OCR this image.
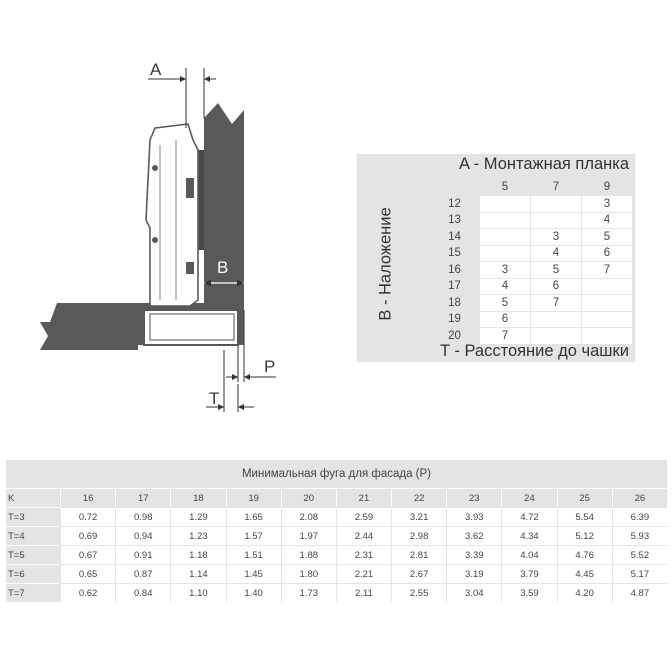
A
B
P
T
A - Монтажная планка
B - Наложение
	5	7	9
12			3
13			4
14		3	5
15		4	6
16	3	5	7
17	4	6	
18	5	7	
19	6		
20	7		
T - Расстояние до чашки
Минимальная фуга для фасада (P)
K	16	17	18	19	20	21	22	23	24	25	26
T=3	0.72	0.98	1.29	1.65	2.08	2.59	3.21	3.93	4.72	5.54	6.39
T=4	0.69	0.94	1.23	1.57	1.97	2.44	2.98	3.62	4.34	5.12	5.93
T=5	0.67	0.91	1.18	1.51	1.88	2.31	2.81	3.39	4.04	4.76	5.52
T=6	0.65	0.87	1.14	1.45	1.80	2.21	2.67	3.19	3.79	4.45	5.17
T=7	0.62	0.84	1.10	1.40	1.73	2.11	2.55	3.04	3.59	4.20	4.87
